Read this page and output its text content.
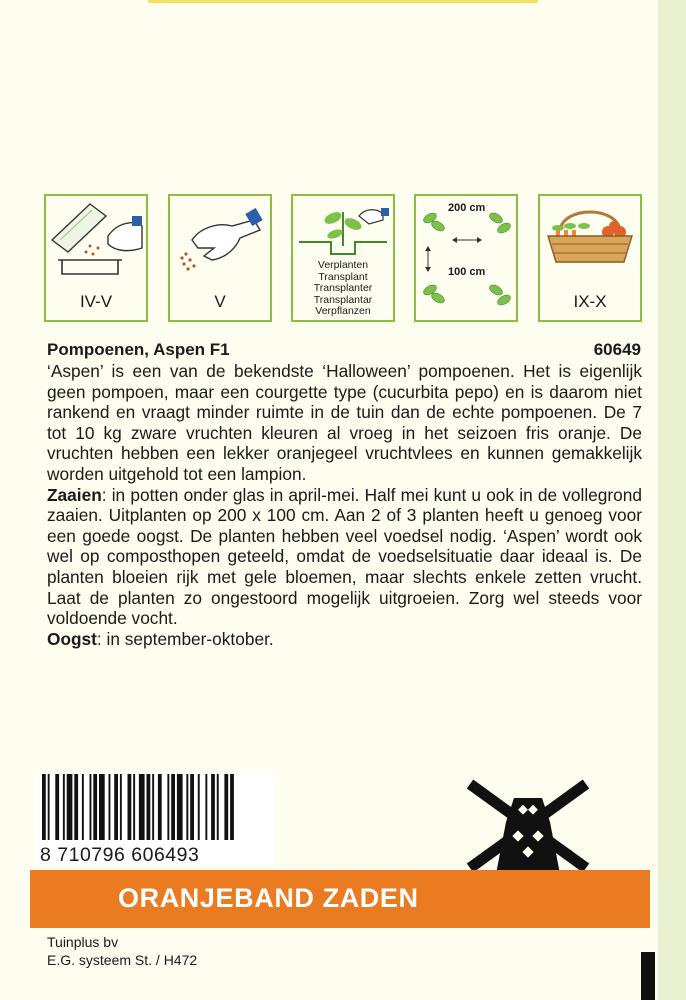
IV-V	V
Verplanten
Transplant
Transplanter
Transplantar
Verpflanzen
200 cm
100 cm
IX-X
Pompoenen, Aspen F1	60649

‘Aspen’ is een van de bekendste ‘Halloween’ pompoenen. Het is eigenlijk geen pompoen, maar een courgette type (cucurbita pepo) en is daarom niet rankend en vraagt minder ruimte in de tuin dan de echte pompoenen. De 7 tot 10 kg zware vruchten kleuren al vroeg in het seizoen fris oranje. De vruchten hebben een lekker oranjegeel vruchtvlees en kunnen gemakkelijk worden uitgehold tot een lampion.

Zaaien: in potten onder glas in april-mei. Half mei kunt u ook in de vollegrond zaaien. Uitplanten op 200 x 100 cm. Aan 2 of 3 planten heeft u genoeg voor een goede oogst. De planten hebben veel voedsel nodig. ‘Aspen’ wordt ook wel op composthopen geteeld, omdat de voedselsituatie daar ideaal is. De planten bloeien rijk met gele bloemen, maar slechts enkele zetten vrucht. Laat de planten zo ongestoord mogelijk uitgroeien. Zorg wel steeds voor voldoende vocht.

Oogst: in september-oktober.

8 710796 606493
ORANJEBAND ZADEN
Tuinplus bv
E.G. systeem St. / H472
